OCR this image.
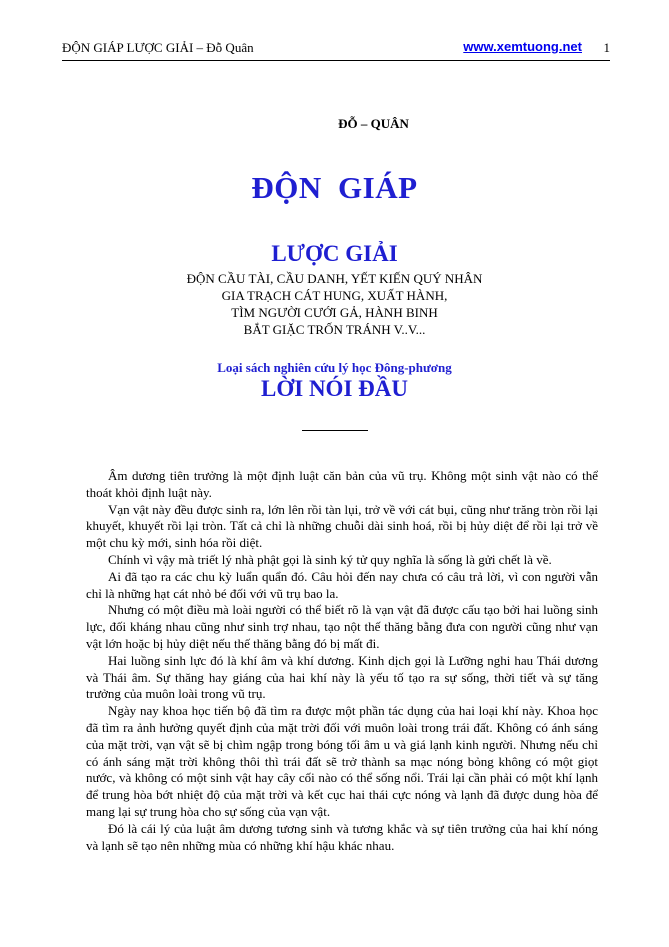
ĐỘN GIÁP LƯỢC GIẢI – Đỗ Quân	www.xemtuong.net 1
ĐỖ – QUÂN
ĐỘN GIÁP
LƯỢC GIẢI
ĐỘN CẦU TÀI, CẦU DANH, YẾT KIẾN QUÝ NHÂN
GIA TRẠCH CÁT HUNG, XUẤT HÀNH,
TÌM NGƯỜI CƯỚI GẢ, HÀNH BINH
BẮT GIẶC TRỐN TRÁNH V..V...
Loại sách nghiên cứu lý học Đông-phương
LỜI NÓI ĐẦU

Âm dương tiên trưởng là một định luật căn bản của vũ trụ. Không một sinh vật nào có thể thoát khỏi định luật này.

Vạn vật này đều được sinh ra, lớn lên rồi tàn lụi, trở về với cát bụi, cũng như trăng tròn rồi lại khuyết, khuyết rồi lại tròn. Tất cả chỉ là những chuỗi dài sinh hoá, rồi bị hủy diệt để rồi lại trở về một chu kỳ mới, sinh hóa rồi diệt.

Chính vì vậy mà triết lý nhà phật gọi là sinh ký tử quy nghĩa là sống là gửi chết là về.

Ai đã tạo ra các chu kỳ luẩn quẩn đó. Câu hỏi đến nay chưa có câu trả lời, vì con người vẫn chỉ là những hạt cát nhỏ bé đối với vũ trụ bao la.

Nhưng có một điều mà loài người có thể biết rõ là vạn vật đã được cấu tạo bởi hai luồng sinh lực, đối kháng nhau cũng như sinh trợ nhau, tạo nột thế thăng bằng đưa con người cũng như vạn vật lớn hoặc bị hủy diệt nếu thế thăng bằng đó bị mất đi.

Hai luồng sinh lực đó là khí âm và khí dương. Kinh dịch gọi là Lưỡng nghi hau Thái dương và Thái âm. Sự thăng hay giáng của hai khí này là yếu tố tạo ra sự sống, thời tiết và sự tăng trưởng của muôn loài trong vũ trụ.

Ngày nay khoa học tiến bộ đã tìm ra được một phần tác dụng của hai loại khí này. Khoa học đã tìm ra ảnh hưởng quyết định của mặt trời đối với muôn loài trong trái đất. Không có ánh sáng của mặt trời, vạn vật sẽ bị chìm ngập trong bóng tối âm u và giá lạnh kinh người. Nhưng nếu chỉ có ánh sáng mặt trời không thôi thì trái đất sẽ trở thành sa mạc nóng bỏng không có một giọt nước, và không có một sinh vật hay cây cối nào có thể sống nổi. Trái lại cần phải có một khí lạnh để trung hòa bớt nhiệt độ của mặt trời và kết cục hai thái cực nóng và lạnh đã được dung hòa để mang lại sự trung hòa cho sự sống của vạn vật.

Đó là cái lý của luật âm dương tương sinh và tương khắc và sự tiên trưởng của hai khí nóng và lạnh sẽ tạo nên những mùa có những khí hậu khác nhau.
